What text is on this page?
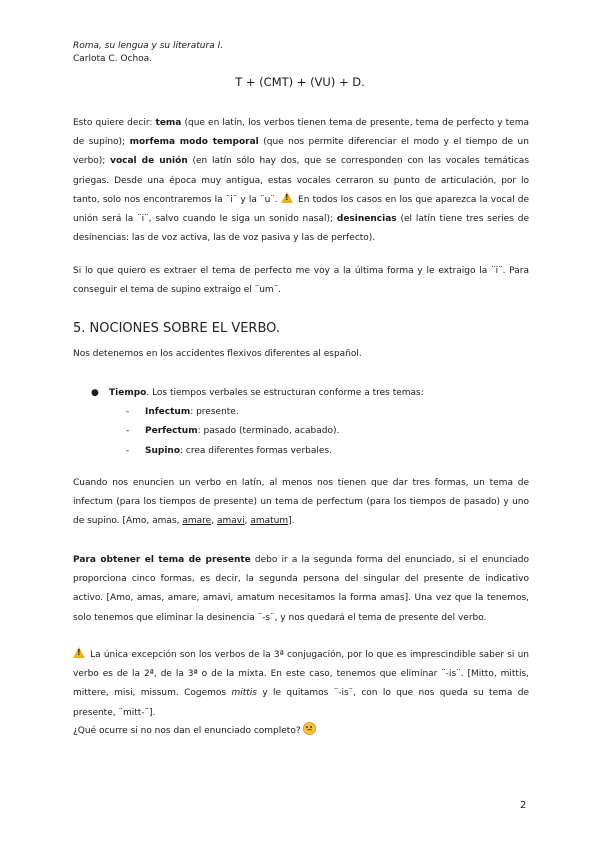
Roma, su lengua y su literatura I.
Carlota C. Ochoa.
T + (CMT) + (VU) + D.
Esto quiere decir: tema (que en latín, los verbos tienen tema de presente, tema de perfecto y tema de supino); morfema modo temporal (que nos permite diferenciar el modo y el tiempo de un verbo); vocal de unión (en latín sólo hay dos, que se corresponden con las vocales temáticas griegas. Desde una época muy antigua, estas vocales cerraron su punto de articulación, por lo tanto, solo nos encontraremos la ¨i¨ y la ¨u¨. ! En todos los casos en los que aparezca la vocal de unión será la ¨i¨, salvo cuando le siga un sonido nasal); desinencias (el latín tiene tres series de desinencias: las de voz activa, las de voz pasiva y las de perfecto).
Si lo que quiero es extraer el tema de perfecto me voy a la última forma y le extraigo la ¨i¨. Para conseguir el tema de supino extraigo el ¨um¨.
5. NOCIONES SOBRE EL VERBO.
Nos detenemos en los accidentes flexivos diferentes al español.
● Tiempo. Los tiempos verbales se estructuran conforme a tres temas:
- Infectum: presente.
- Perfectum: pasado (terminado, acabado).
- Supino: crea diferentes formas verbales.
Cuando nos enuncien un verbo en latín, al menos nos tienen que dar tres formas, un tema de infectum (para los tiempos de presente) un tema de perfectum (para los tiempos de pasado) y uno de supino. [Amo, amas, amare, amavi, amatum].
Para obtener el tema de presente debo ir a la segunda forma del enunciado, si el enunciado proporciona cinco formas, es decir, la segunda persona del singular del presente de indicativo activo. [Amo, amas, amare, amavi, amatum necesitamos la forma amas]. Una vez que la tenemos, solo tenemos que eliminar la desinencia ¨-s¨, y nos quedará el tema de presente del verbo.
! La única excepción son los verbos de la 3ª conjugación, por lo que es imprescindible saber si un verbo es de la 2ª, de la 3ª o de la mixta. En este caso, tenemos que eliminar ¨-is¨. [Mitto, mittis, mittere, misi, missum. Cogemos mittis y le quitamos ¨-is¨, con lo que nos queda su tema de presente, ¨mitt-¨].
¿Qué ocurre si no nos dan el enunciado completo?
2
